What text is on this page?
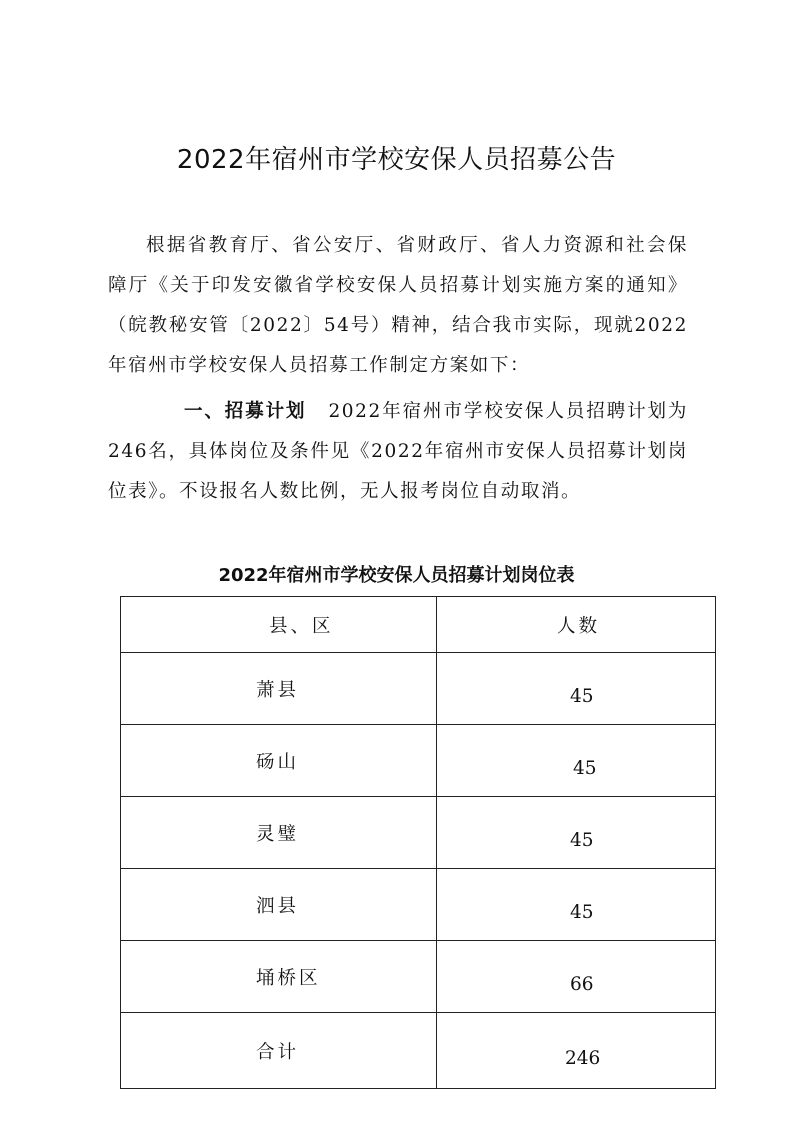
2022年宿州市学校安保人员招募公告
根据省教育厅、省公安厅、省财政厅、省人力资源和社会保障厅《关于印发安徽省学校安保人员招募计划实施方案的通知》（皖教秘安管〔2022〕54号）精神，结合我市实际，现就2022年宿州市学校安保人员招募工作制定方案如下：
一、招募计划 2022年宿州市学校安保人员招聘计划为246名，具体岗位及条件见《2022年宿州市安保人员招募计划岗位表》。不设报名人数比例，无人报考岗位自动取消。
2022年宿州市学校安保人员招募计划岗位表
县、区	人数
萧县	45
砀山	45
灵璧	45
泗县	45
埇桥区	66
合计	246
